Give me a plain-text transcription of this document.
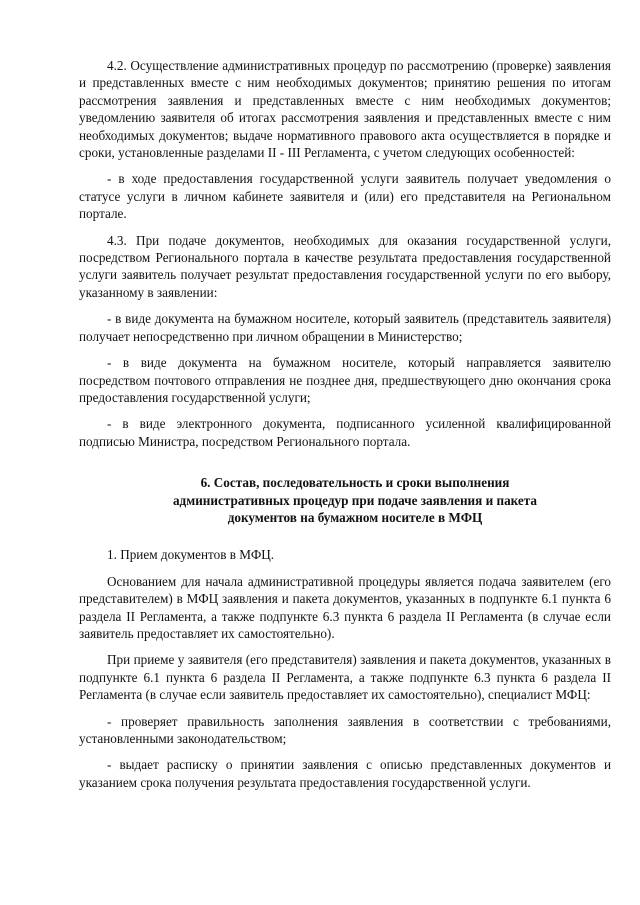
4.2. Осуществление административных процедур по рассмотрению (проверке) заявления и представленных вместе с ним необходимых документов; принятию решения по итогам рассмотрения заявления и представленных вместе с ним необходимых документов; уведомлению заявителя об итогах рассмотрения заявления и представленных вместе с ним необходимых документов; выдаче нормативного правового акта осуществляется в порядке и сроки, установленные разделами II - III Регламента, с учетом следующих особенностей:

- в ходе предоставления государственной услуги заявитель получает уведомления о статусе услуги в личном кабинете заявителя и (или) его представителя на Региональном портале.

4.3. При подаче документов, необходимых для оказания государственной услуги, посредством Регионального портала в качестве результата предоставления государственной услуги заявитель получает результат предоставления государственной услуги по его выбору, указанному в заявлении:

- в виде документа на бумажном носителе, который заявитель (представитель заявителя) получает непосредственно при личном обращении в Министерство;

- в виде документа на бумажном носителе, который направляется заявителю посредством почтового отправления не позднее дня, предшествующего дню окончания срока предоставления государственной услуги;

- в виде электронного документа, подписанного усиленной квалифицированной подписью Министра, посредством Регионального портала.

6. Состав, последовательность и сроки выполнения
административных процедур при подаче заявления и пакета
документов на бумажном носителе в МФЦ

1. Прием документов в МФЦ.

Основанием для начала административной процедуры является подача заявителем (его представителем) в МФЦ заявления и пакета документов, указанных в подпункте 6.1 пункта 6 раздела II Регламента, а также подпункте 6.3 пункта 6 раздела II Регламента (в случае если заявитель предоставляет их самостоятельно).

При приеме у заявителя (его представителя) заявления и пакета документов, указанных в подпункте 6.1 пункта 6 раздела II Регламента, а также подпункте 6.3 пункта 6 раздела II Регламента (в случае если заявитель предоставляет их самостоятельно), специалист МФЦ:

- проверяет правильность заполнения заявления в соответствии с требованиями, установленными законодательством;

- выдает расписку о принятии заявления с описью представленных документов и указанием срока получения результата предоставления государственной услуги.
